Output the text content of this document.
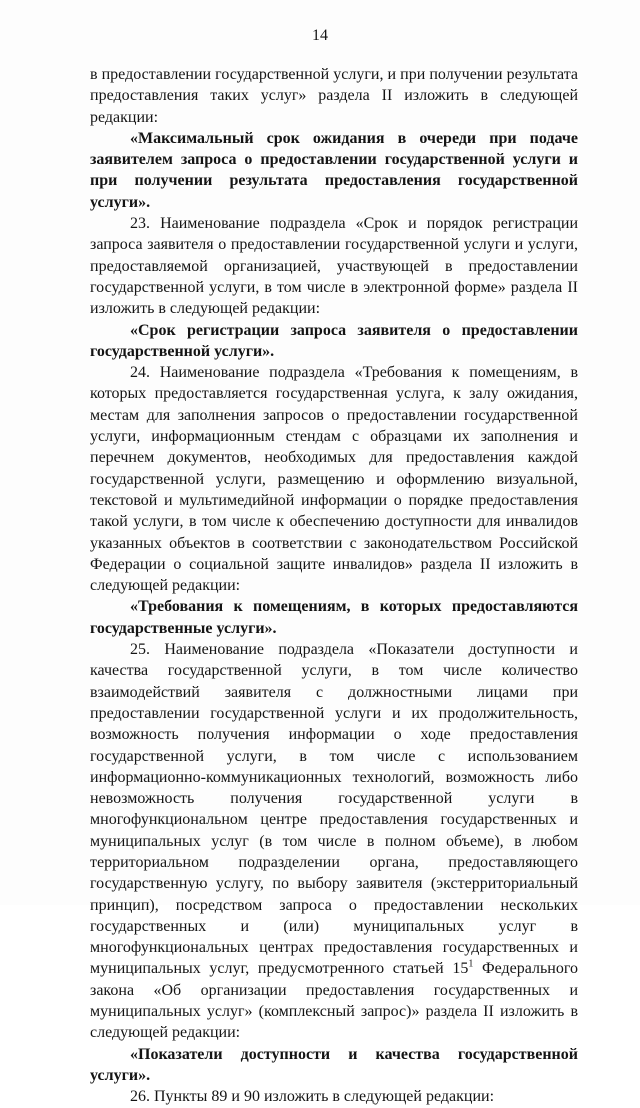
14

в предоставлении государственной услуги, и при получении результата предоставления таких услуг» раздела II изложить в следующей редакции:

«Максимальный срок ожидания в очереди при подаче заявителем запроса о предоставлении государственной услуги и при получении результата предоставления государственной услуги».

23. Наименование подраздела «Срок и порядок регистрации запроса заявителя о предоставлении государственной услуги и услуги, предоставляемой организацией, участвующей в предоставлении государственной услуги, в том числе в электронной форме» раздела II изложить в следующей редакции:

«Срок регистрации запроса заявителя о предоставлении государственной услуги».

24. Наименование подраздела «Требования к помещениям, в которых предоставляется государственная услуга, к залу ожидания, местам для заполнения запросов о предоставлении государственной услуги, информационным стендам с образцами их заполнения и перечнем документов, необходимых для предоставления каждой государственной услуги, размещению и оформлению визуальной, текстовой и мультимедийной информации о порядке предоставления такой услуги, в том числе к обеспечению доступности для инвалидов указанных объектов в соответствии с законодательством Российской Федерации о социальной защите инвалидов» раздела II изложить в следующей редакции:

«Требования к помещениям, в которых предоставляются государственные услуги».

25. Наименование подраздела «Показатели доступности и качества государственной услуги, в том числе количество взаимодействий заявителя с должностными лицами при предоставлении государственной услуги и их продолжительность, возможность получения информации о ходе предоставления государственной услуги, в том числе с использованием информационно-коммуникационных технологий, возможность либо невозможность получения государственной услуги в многофункциональном центре предоставления государственных и муниципальных услуг (в том числе в полном объеме), в любом территориальном подразделении органа, предоставляющего государственную услугу, по выбору заявителя (экстерриториальный принцип), посредством запроса о предоставлении нескольких государственных и (или) муниципальных услуг в многофункциональных центрах предоставления государственных и муниципальных услуг, предусмотренного статьей $15^1$ Федерального закона «Об организации предоставления государственных и муниципальных услуг» (комплексный запрос)» раздела II изложить в следующей редакции:

«Показатели доступности и качества государственной услуги».

26. Пункты 89 и 90 изложить в следующей редакции:
